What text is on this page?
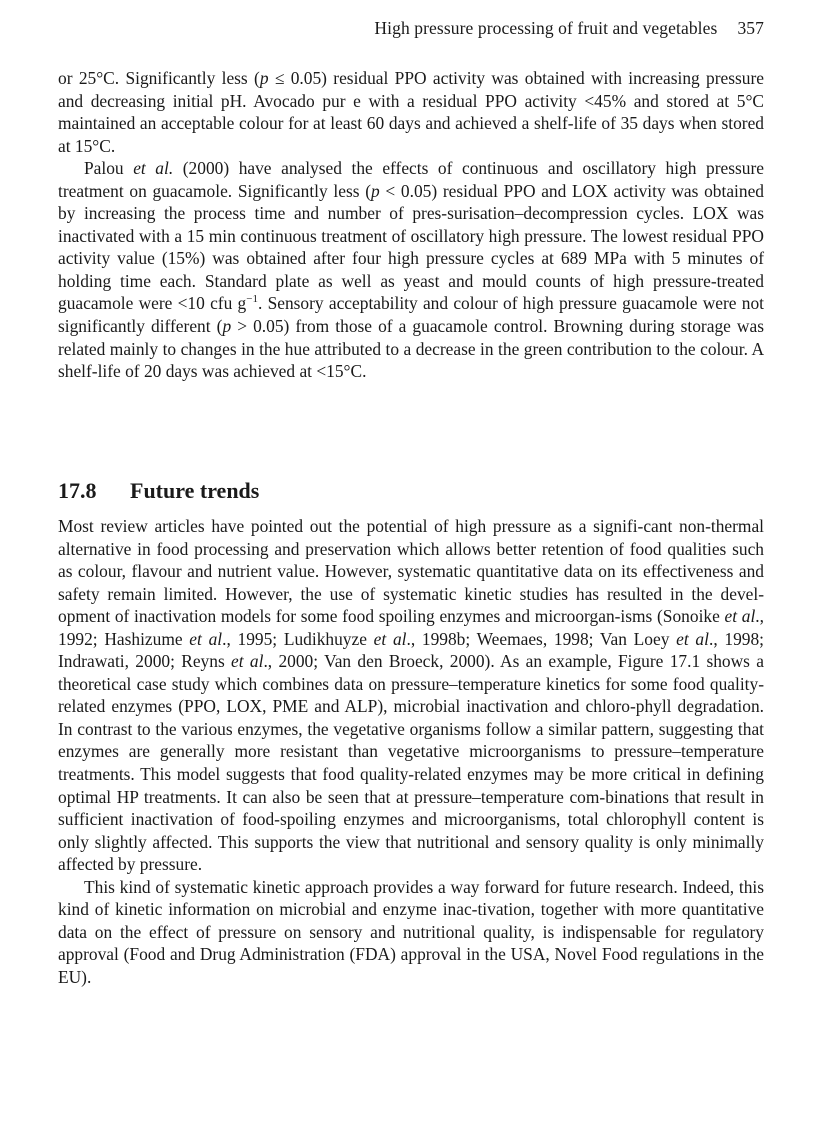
High pressure processing of fruit and vegetables 357

or 25°C. Significantly less (p ≤ 0.05) residual PPO activity was obtained with increasing pressure and decreasing initial pH. Avocado pur e with a residual PPO activity <45% and stored at 5°C maintained an acceptable colour for at least 60 days and achieved a shelf-life of 35 days when stored at 15°C.

Palou et al. (2000) have analysed the effects of continuous and oscillatory high pressure treatment on guacamole. Significantly less (p < 0.05) residual PPO and LOX activity was obtained by increasing the process time and number of pres-surisation–decompression cycles. LOX was inactivated with a 15 min continuous treatment of oscillatory high pressure. The lowest residual PPO activity value (15%) was obtained after four high pressure cycles at 689 MPa with 5 minutes of holding time each. Standard plate as well as yeast and mould counts of high pressure-treated guacamole were <10 cfu $g^{-1}$. Sensory acceptability and colour of high pressure guacamole were not significantly different (p > 0.05) from those of a guacamole control. Browning during storage was related mainly to changes in the hue attributed to a decrease in the green contribution to the colour. A shelf-life of 20 days was achieved at <15°C.

17.8 Future trends

Most review articles have pointed out the potential of high pressure as a signifi-cant non-thermal alternative in food processing and preservation which allows better retention of food qualities such as colour, flavour and nutrient value. However, systematic quantitative data on its effectiveness and safety remain limited. However, the use of systematic kinetic studies has resulted in the devel-opment of inactivation models for some food spoiling enzymes and microorgan-isms (Sonoike et al., 1992; Hashizume et al., 1995; Ludikhuyze et al., 1998b; Weemaes, 1998; Van Loey et al., 1998; Indrawati, 2000; Reyns et al., 2000; Van den Broeck, 2000). As an example, Figure 17.1 shows a theoretical case study which combines data on pressure–temperature kinetics for some food quality-related enzymes (PPO, LOX, PME and ALP), microbial inactivation and chloro-phyll degradation. In contrast to the various enzymes, the vegetative organisms follow a similar pattern, suggesting that enzymes are generally more resistant than vegetative microorganisms to pressure–temperature treatments. This model suggests that food quality-related enzymes may be more critical in defining optimal HP treatments. It can also be seen that at pressure–temperature com-binations that result in sufficient inactivation of food-spoiling enzymes and microorganisms, total chlorophyll content is only slightly affected. This supports the view that nutritional and sensory quality is only minimally affected by pressure.

This kind of systematic kinetic approach provides a way forward for future research. Indeed, this kind of kinetic information on microbial and enzyme inac-tivation, together with more quantitative data on the effect of pressure on sensory and nutritional quality, is indispensable for regulatory approval (Food and Drug Administration (FDA) approval in the USA, Novel Food regulations in the EU).
